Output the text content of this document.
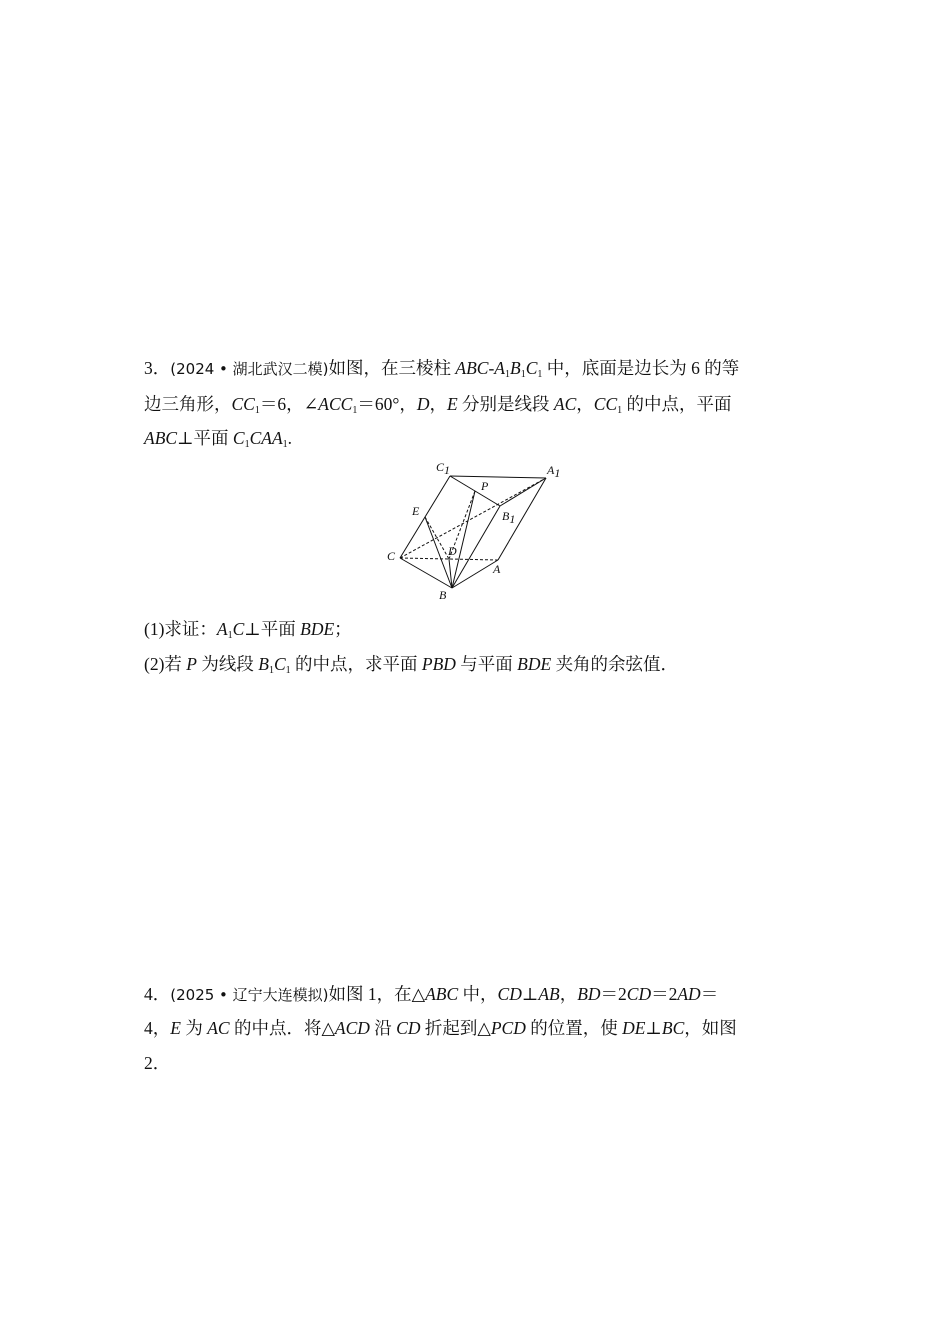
3．(2024 • 湖北武汉二模)如图，在三棱柱 ABC-$A_1B_1C_1$ 中，底面是边长为 6 的等
边三角形，$CC_1=6$，$\angle ACC_1=60^\circ$，D，E 分别是线段 AC，$CC_1$ 的中点，平面
ABC⊥平面 $C_1CAA_1$.
C1	A1
P
B1
E
C	D
A
B
(1)求证：$A_1C\perp$平面 BDE；
(2)若 P 为线段 $B_1C_1$ 的中点，求平面 PBD 与平面 BDE 夹角的余弦值．
4．(2025 • 辽宁大连模拟)如图 1，在△ABC 中，CD⊥AB，BD＝2CD＝2AD＝
4，E 为 AC 的中点．将△ACD 沿 CD 折起到△PCD 的位置，使 DE⊥BC，如图
2．
